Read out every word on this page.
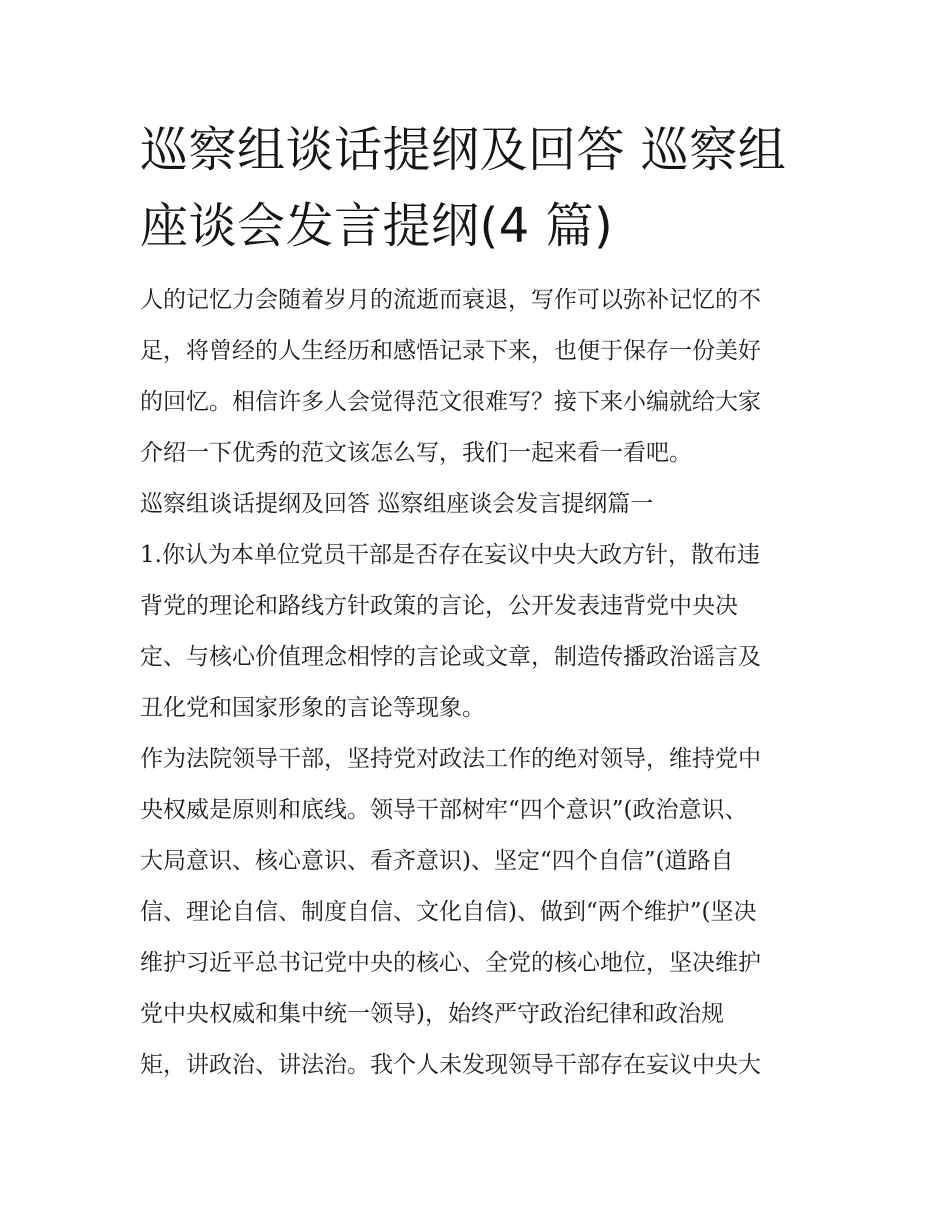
巡察组谈话提纲及回答 巡察组
座谈会发言提纲(4 篇)
人的记忆力会随着岁月的流逝而衰退，写作可以弥补记忆的不
足，将曾经的人生经历和感悟记录下来，也便于保存一份美好
的回忆。相信许多人会觉得范文很难写？接下来小编就给大家
介绍一下优秀的范文该怎么写，我们一起来看一看吧。
巡察组谈话提纲及回答 巡察组座谈会发言提纲篇一
1.你认为本单位党员干部是否存在妄议中央大政方针，散布违
背党的理论和路线方针政策的言论，公开发表违背党中央决
定、与核心价值理念相悖的言论或文章，制造传播政治谣言及
丑化党和国家形象的言论等现象。
作为法院领导干部，坚持党对政法工作的绝对领导，维持党中
央权威是原则和底线。领导干部树牢“四个意识”(政治意识、
大局意识、核心意识、看齐意识)、坚定“四个自信”(道路自
信、理论自信、制度自信、文化自信)、做到“两个维护”(坚决
维护习近平总书记党中央的核心、全党的核心地位，坚决维护
党中央权威和集中统一领导)，始终严守政治纪律和政治规
矩，讲政治、讲法治。我个人未发现领导干部存在妄议中央大
